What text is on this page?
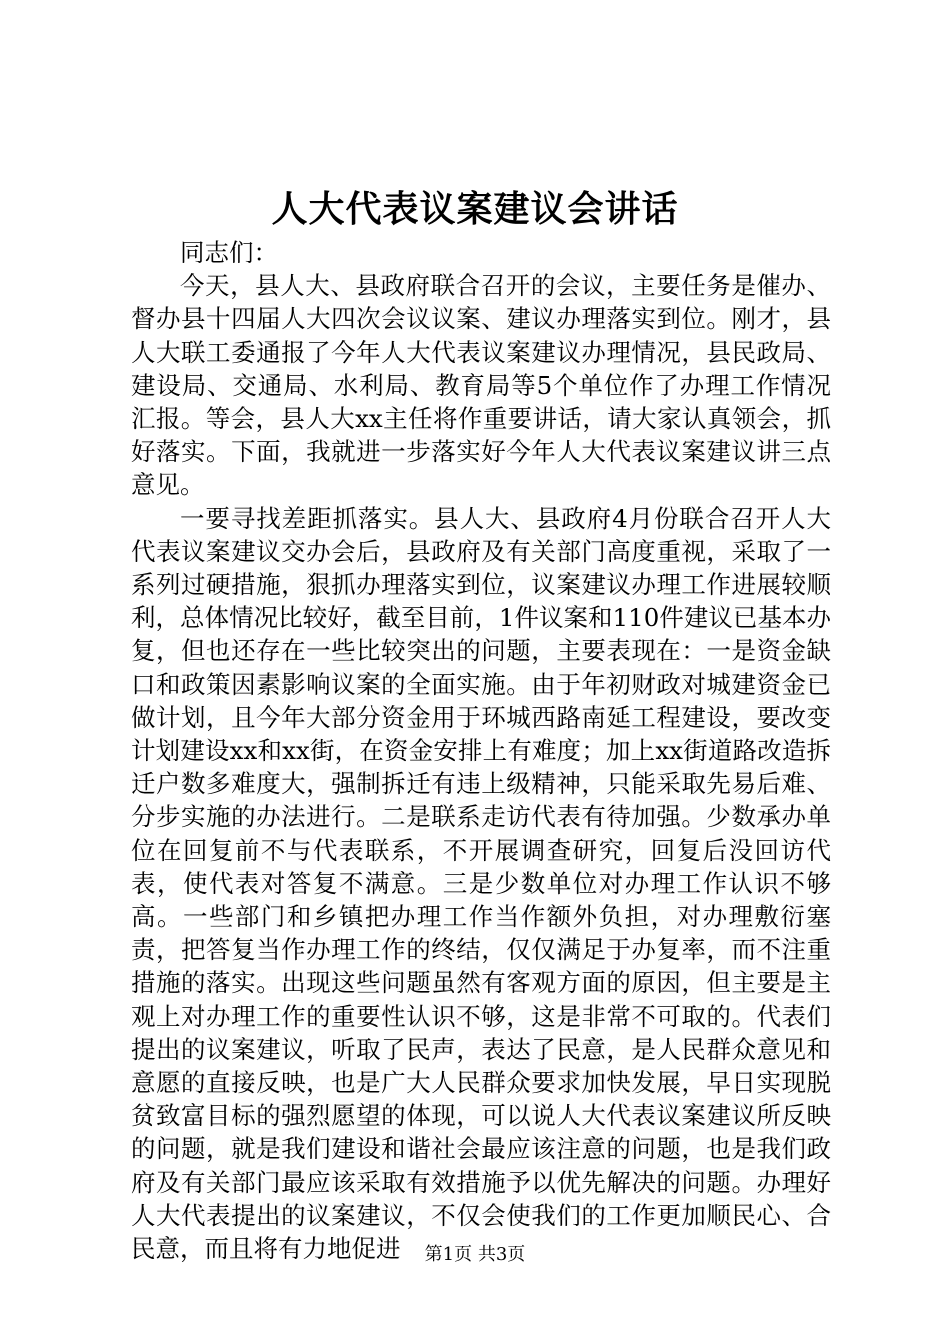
人大代表议案建议会讲话

同志们：

今天，县人大、县政府联合召开的会议，主要任务是催办、督办县十四届人大四次会议议案、建议办理落实到位。刚才，县人大联工委通报了今年人大代表议案建议办理情况，县民政局、建设局、交通局、水利局、教育局等5个单位作了办理工作情况汇报。等会，县人大xx主任将作重要讲话，请大家认真领会，抓好落实。下面，我就进一步落实好今年人大代表议案建议讲三点意见。

一要寻找差距抓落实。县人大、县政府4月份联合召开人大代表议案建议交办会后，县政府及有关部门高度重视，采取了一系列过硬措施，狠抓办理落实到位，议案建议办理工作进展较顺利，总体情况比较好，截至目前，1件议案和110件建议已基本办复，但也还存在一些比较突出的问题，主要表现在：一是资金缺口和政策因素影响议案的全面实施。由于年初财政对城建资金已做计划，且今年大部分资金用于环城西路南延工程建设，要改变计划建设xx和xx街，在资金安排上有难度；加上xx街道路改造拆迁户数多难度大，强制拆迁有违上级精神，只能采取先易后难、分步实施的办法进行。二是联系走访代表有待加强。少数承办单位在回复前不与代表联系，不开展调查研究，回复后没回访代表，使代表对答复不满意。三是少数单位对办理工作认识不够高。一些部门和乡镇把办理工作当作额外负担，对办理敷衍塞责，把答复当作办理工作的终结，仅仅满足于办复率，而不注重措施的落实。出现这些问题虽然有客观方面的原因，但主要是主观上对办理工作的重要性认识不够，这是非常不可取的。代表们提出的议案建议，听取了民声，表达了民意，是人民群众意见和意愿的直接反映，也是广大人民群众要求加快发展，早日实现脱贫致富目标的强烈愿望的体现，可以说人大代表议案建议所反映的问题，就是我们建设和谐社会最应该注意的问题，也是我们政府及有关部门最应该采取有效措施予以优先解决的问题。办理好人大代表提出的议案建议，不仅会使我们的工作更加顺民心、合民意，而且将有力地促进	第1页 共3页
